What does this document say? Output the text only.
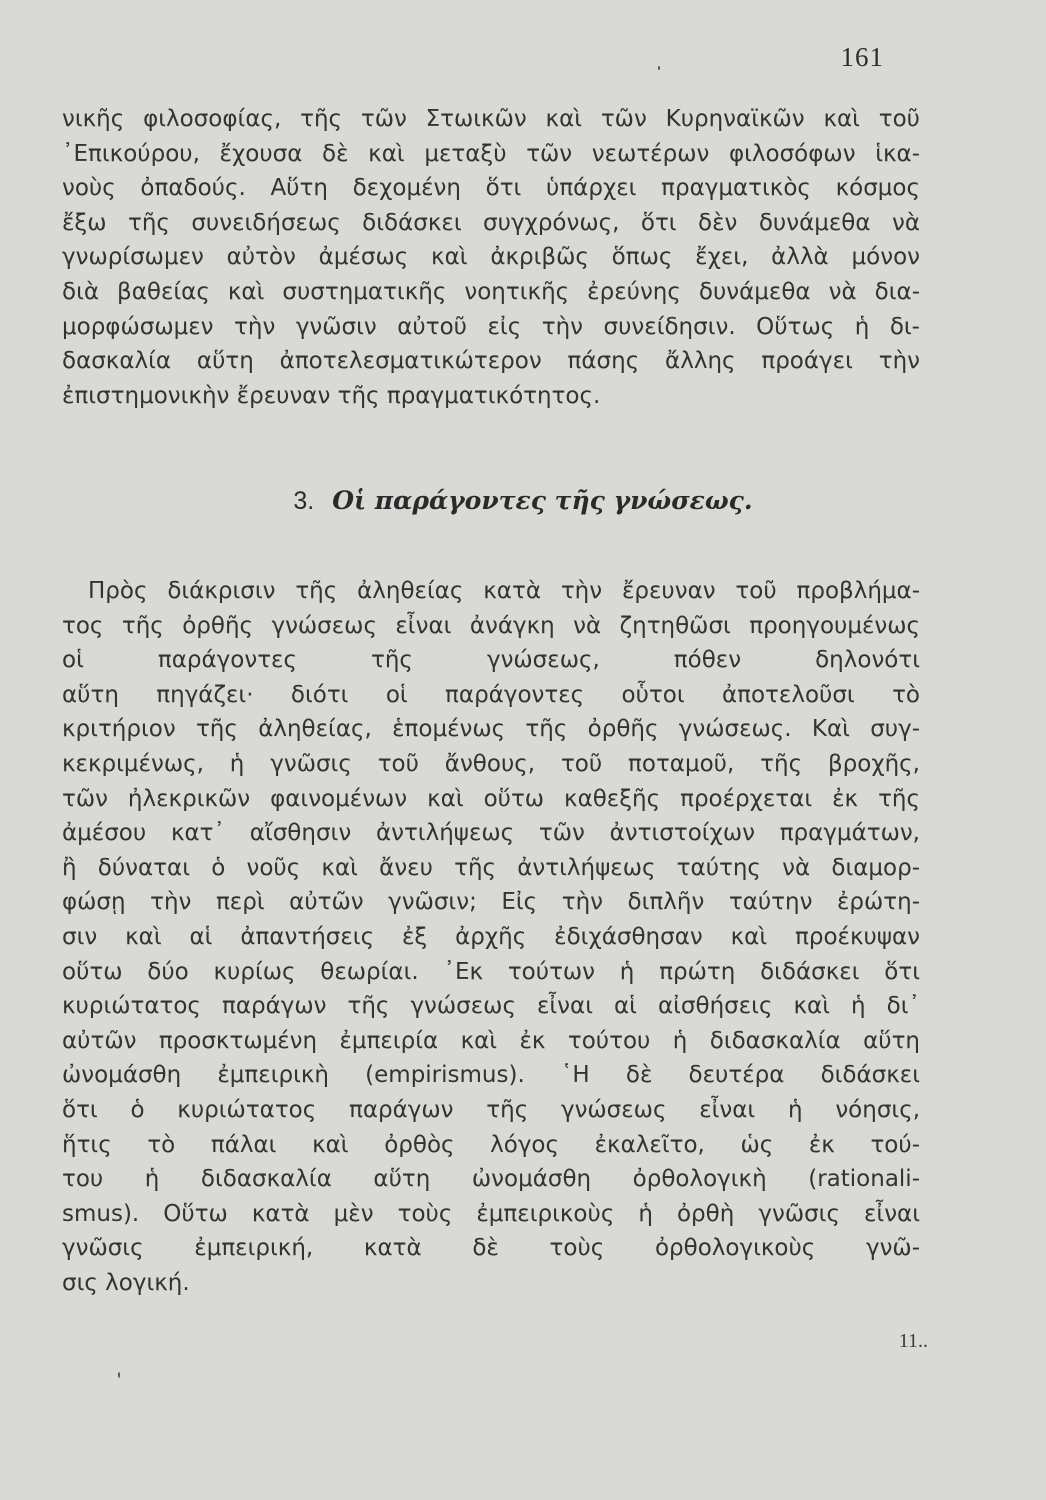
161
νικῆς φιλοσοφίας, τῆς τῶν Στωικῶν καὶ τῶν Κυρηναϊκῶν καὶ τοῦ
᾿Επικούρου, ἔχουσα δὲ καὶ μεταξὺ τῶν νεωτέρων φιλοσόφων ἱκα-
νοὺς ὀπαδούς. Αὕτη δεχομένη ὅτι ὑπάρχει πραγματικὸς κόσμος
ἔξω τῆς συνειδήσεως διδάσκει συγχρόνως, ὅτι δὲν δυνάμεθα νὰ
γνωρίσωμεν αὐτὸν ἀμέσως καὶ ἀκριβῶς ὅπως ἔχει, ἀλλὰ μόνον
διὰ βαθείας καὶ συστηματικῆς νοητικῆς ἐρεύνης δυνάμεθα νὰ δια-
μορφώσωμεν τὴν γνῶσιν αὐτοῦ εἰς τὴν συνείδησιν. Οὕτως ἡ δι-
δασκαλία αὕτη ἀποτελεσματικώτερον πάσης ἄλλης προάγει τὴν
ἐπιστημονικὴν ἔρευναν τῆς πραγματικότητος.
3. Οἱ παράγοντες τῆς γνώσεως.
Πρὸς διάκρισιν τῆς ἀληθείας κατὰ τὴν ἔρευναν τοῦ προβλήμα-
τος τῆς ὀρθῆς γνώσεως εἶναι ἀνάγκη νὰ ζητηθῶσι προηγουμένως
οἱ παράγοντες τῆς γνώσεως, πόθεν δηλονότι
αὕτη πηγάζει· διότι οἱ παράγοντες οὗτοι ἀποτελοῦσι τὸ
κριτήριον τῆς ἀληθείας, ἑπομένως τῆς ὀρθῆς γνώσεως. Καὶ συγ-
κεκριμένως, ἡ γνῶσις τοῦ ἄνθους, τοῦ ποταμοῦ, τῆς βροχῆς,
τῶν ἠλεκρικῶν φαινομένων καὶ οὕτω καθεξῆς προέρχεται ἐκ τῆς
ἀμέσου κατ᾿ αἴσθησιν ἀντιλήψεως τῶν ἀντιστοίχων πραγμάτων,
ἢ δύναται ὁ νοῦς καὶ ἄνευ τῆς ἀντιλήψεως ταύτης νὰ διαμορ-
φώσῃ τὴν περὶ αὐτῶν γνῶσιν; Εἰς τὴν διπλῆν ταύτην ἐρώτη-
σιν καὶ αἱ ἀπαντήσεις ἐξ ἀρχῆς ἐδιχάσθησαν καὶ προέκυψαν
οὕτω δύο κυρίως θεωρίαι. ᾿Εκ τούτων ἡ πρώτη διδάσκει ὅτι
κυριώτατος παράγων τῆς γνώσεως εἶναι αἱ αἰσθήσεις καὶ ἡ δι᾿
αὐτῶν προσκτωμένη ἐμπειρία καὶ ἐκ τούτου ἡ διδασκαλία αὕτη
ὠνομάσθη ἐμπειρικὴ (empirismus). ῾Η δὲ δευτέρα διδάσκει
ὅτι ὁ κυριώτατος παράγων τῆς γνώσεως εἶναι ἡ νόησις,
ἥτις τὸ πάλαι καὶ ὀρθὸς λόγος ἐκαλεῖτο, ὡς ἐκ τού-
του ἡ διδασκαλία αὕτη ὠνομάσθη ὀρθολογικὴ (rationali-
smus). Οὕτω κατὰ μὲν τοὺς ἐμπειρικοὺς ἡ ὀρθὴ γνῶσις εἶναι
γνῶσις ἐμπειρική, κατὰ δὲ τοὺς ὀρθολογικοὺς γνῶ-
σις λογική.
11..
